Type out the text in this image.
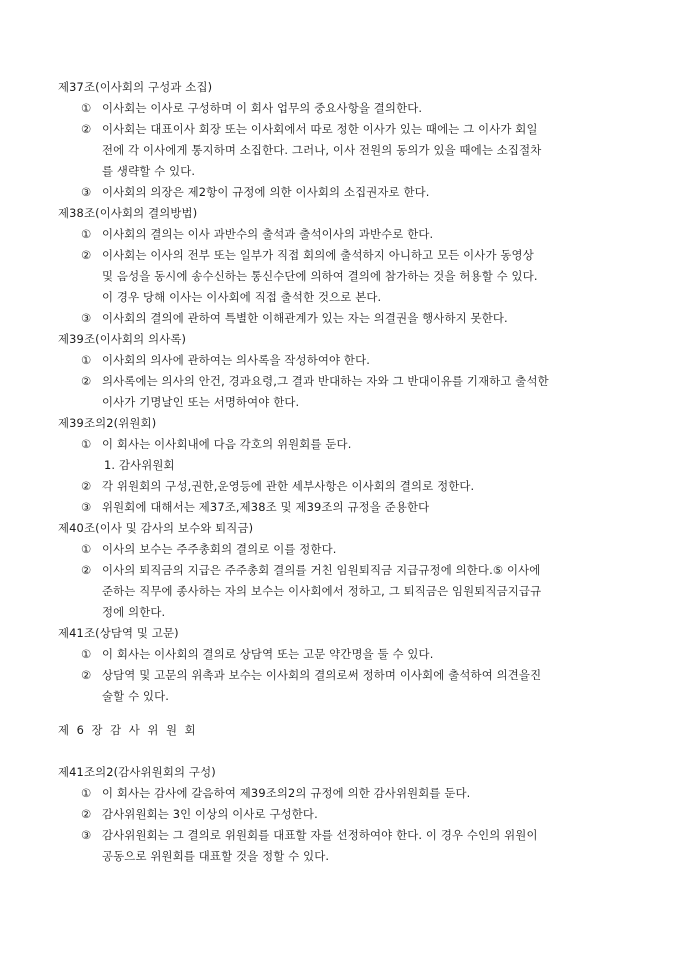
제37조(이사회의 구성과 소집)
① 이사회는 이사로 구성하며 이 회사 업무의 중요사항을 결의한다.
② 이사회는 대표이사 회장 또는 이사회에서 따로 정한 이사가 있는 때에는 그 이사가 회일
전에 각 이사에게 통지하며 소집한다. 그러나, 이사 전원의 동의가 있을 때에는 소집절차
를 생략할 수 있다.
③ 이사회의 의장은 제2항이 규정에 의한 이사회의 소집권자로 한다.
제38조(이사회의 결의방법)
① 이사회의 결의는 이사 과반수의 출석과 출석이사의 과반수로 한다.
② 이사회는 이사의 전부 또는 일부가 직접 회의에 출석하지 아니하고 모든 이사가 동영상
및 음성을 동시에 송수신하는 통신수단에 의하여 결의에 참가하는 것을 허용할 수 있다.
이 경우 당해 이사는 이사회에 직접 출석한 것으로 본다.
③ 이사회의 결의에 관하여 특별한 이해관계가 있는 자는 의결권을 행사하지 못한다.
제39조(이사회의 의사록)
① 이사회의 의사에 관하여는 의사록을 작성하여야 한다.
② 의사록에는 의사의 안건, 경과요령,그 결과 반대하는 자와 그 반대이유를 기재하고 출석한
이사가 기명날인 또는 서명하여야 한다.
제39조의2(위원회)
① 이 회사는 이사회내에 다음 각호의 위원회를 둔다.
1. 감사위원회
② 각 위원회의 구성,권한,운영등에 관한 세부사항은 이사회의 결의로 정한다.
③ 위원회에 대해서는 제37조,제38조 및 제39조의 규정을 준용한다
제40조(이사 및 감사의 보수와 퇴직금)
① 이사의 보수는 주주총회의 결의로 이를 정한다.
② 이사의 퇴직금의 지급은 주주총회 결의를 거친 임원퇴직금 지급규정에 의한다.⑤ 이사에
준하는 직무에 종사하는 자의 보수는 이사회에서 정하고, 그 퇴직금은 임원퇴직금지급규
정에 의한다.
제41조(상담역 및 고문)
① 이 회사는 이사회의 결의로 상담역 또는 고문 약간명을 둘 수 있다.
② 상담역 및 고문의 위촉과 보수는 이사회의 결의로써 정하며 이사회에 출석하여 의견을진
술할 수 있다.
제 6 장 감 사 위 원 회
제41조의2(감사위원회의 구성)
① 이 회사는 감사에 갈음하여 제39조의2의 규정에 의한 감사위원회를 둔다.
② 감사위원회는 3인 이상의 이사로 구성한다.
③ 감사위원회는 그 결의로 위원회를 대표할 자를 선정하여야 한다. 이 경우 수인의 위원이
공동으로 위원회를 대표할 것을 정할 수 있다.
